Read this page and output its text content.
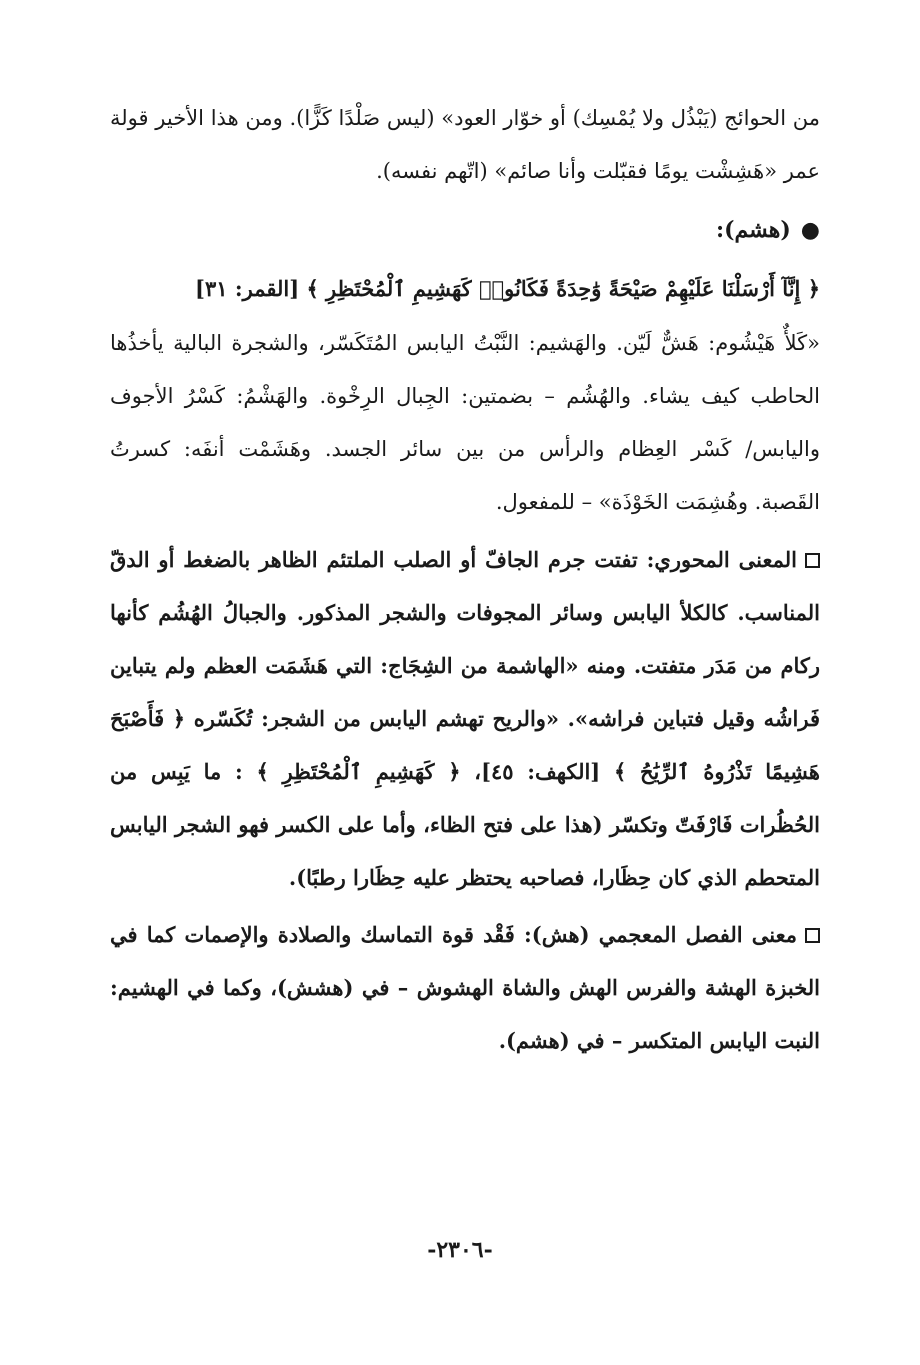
من الحوائج (يَبْذُل ولا يُمْسِك) أو خوّار العود» (ليس صَلْدًا كَزًّا). ومن هذا الأخير قولة عمر «هَشِشْت يومًا فقبّلت وأنا صائم» (اتّهم نفسه).

●(هشم):

﴿ إِنَّآ أَرْسَلْنَا عَلَيْهِمْ صَيْحَةً وَٰحِدَةً فَكَانُوا۟ كَهَشِيمِ ٱلْمُحْتَظِرِ ﴾ [القمر: ٣١]

«كَلأٌ هَيْشُوم: هَشٌّ لَيّن. والهَشيم: النَّبْتُ اليابس المُتَكَسّر، والشجرة البالية يأخذُها الحاطب كيف يشاء. والهُشُم – بضمتين: الجِبال الرِخْوة. والهَشْمُ: كَسْرُ الأجوف واليابس/ كَسْر العِظام والرأس من بين سائر الجسد. وهَشَمْت أنفَه: كسرتُ القَصبة. وهُشِمَت الخَوْذَة» – للمفعول.

المعنى المحوري: تفتت جرم الجافّ أو الصلب الملتئم الظاهر بالضغط أو الدقّ المناسب. كالكلأ اليابس وسائر المجوفات والشجر المذكور. والجبالُ الهُشُم كأنها ركام من مَدَر متفتت. ومنه «الهاشمة من الشِجَاج: التي هَشَمَت العظم ولم يتباين فَراشُه وقيل فتباين فراشه». «والريح تهشم اليابس من الشجر: تُكَسّره ﴿ فَأَصْبَحَ هَشِيمًا تَذْرُوهُ ٱلرِّيَٰحُ ﴾ [الكهف: ٤٥]، ﴿ كَهَشِيمِ ٱلْمُحْتَظِرِ ﴾ : ما يَبِس من الحُظُرات فَارْفَتّ وتكسّر (هذا على فتح الظاء، وأما على الكسر فهو الشجر اليابس المتحطم الذي كان حِظَارا، فصاحبه يحتظر عليه حِظَارا رطبًا).

معنى الفصل المعجمي (هش): فَقْد قوة التماسك والصلادة والإصمات كما في الخبزة الهشة والفرس الهش والشاة الهشوش – في (هشش)، وكما في الهشيم: النبت اليابس المتكسر – في (هشم).

-٢٣٠٦-
